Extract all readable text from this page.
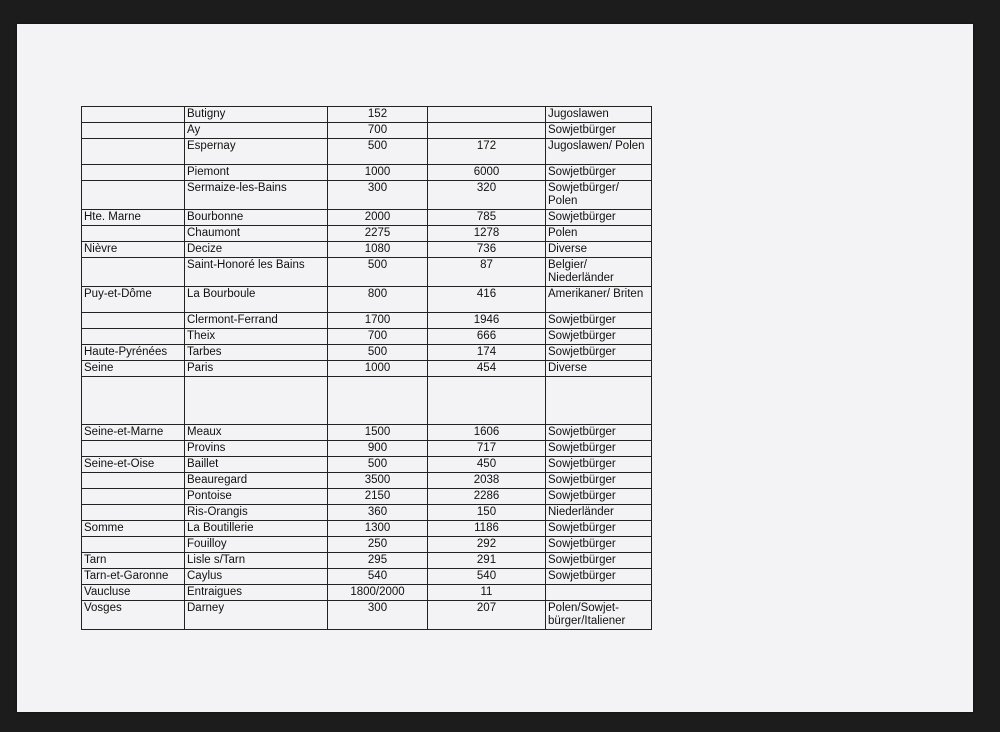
	Butigny	152		Jugoslawen
	Ay	700		Sowjetbürger
	Espernay	500	172	Jugoslawen/ Polen
	Piemont	1000	6000	Sowjetbürger
	Sermaize-les-Bains	300	320	Sowjetbürger/ Polen
Hte. Marne	Bourbonne	2000	785	Sowjetbürger
	Chaumont	2275	1278	Polen
Nièvre	Decize	1080	736	Diverse
	Saint-Honoré les Bains	500	87	Belgier/ Niederländer
Puy-et-Dôme	La Bourboule	800	416	Amerikaner/ Briten
	Clermont-Ferrand	1700	1946	Sowjetbürger
	Theix	700	666	Sowjetbürger
Haute-Pyrénées	Tarbes	500	174	Sowjetbürger
Seine	Paris	1000	454	Diverse

Seine-et-Marne	Meaux	1500	1606	Sowjetbürger
	Provins	900	717	Sowjetbürger
Seine-et-Oise	Baillet	500	450	Sowjetbürger
	Beauregard	3500	2038	Sowjetbürger
	Pontoise	2150	2286	Sowjetbürger
	Ris-Orangis	360	150	Niederländer
Somme	La Boutillerie	1300	1186	Sowjetbürger
	Fouilloy	250	292	Sowjetbürger
Tarn	Lisle s/Tarn	295	291	Sowjetbürger
Tarn-et-Garonne	Caylus	540	540	Sowjetbürger
Vaucluse	Entraigues	1800/2000	11	
Vosges	Darney	300	207	Polen/Sowjet- bürger/Italiener
